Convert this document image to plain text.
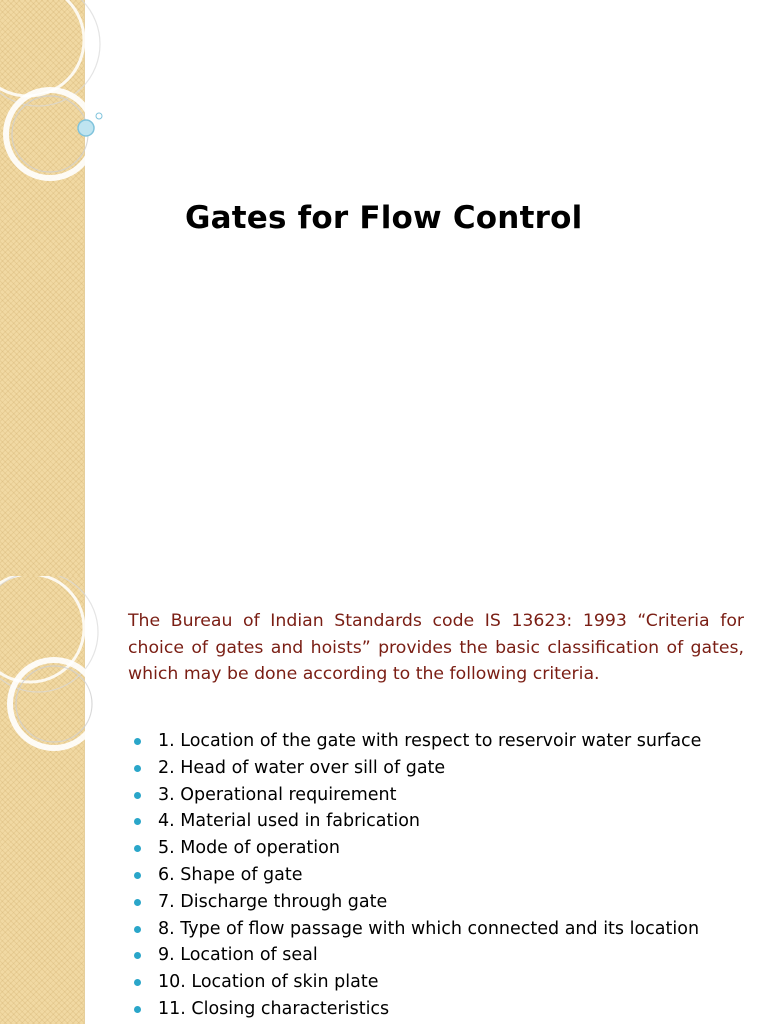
Gates for Flow Control

The Bureau of Indian Standards code IS 13623: 1993 “Criteria for choice of gates and hoists” provides the basic classification of gates, which may be done according to the following criteria.

1. Location of the gate with respect to reservoir water surface
2. Head of water over sill of gate
3. Operational requirement
4. Material used in fabrication
5. Mode of operation
6. Shape of gate
7. Discharge through gate
8. Type of flow passage with which connected and its location
9. Location of seal
10. Location of skin plate
11. Closing characteristics
